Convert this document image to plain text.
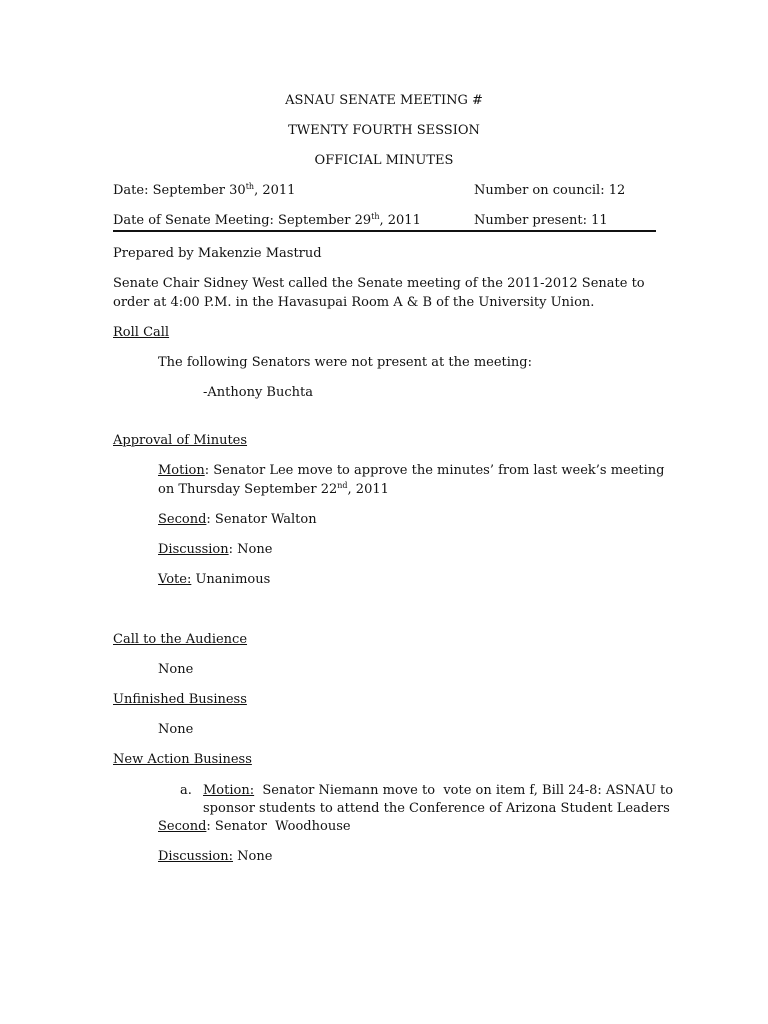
ASNAU SENATE MEETING #
TWENTY FOURTH SESSION
OFFICIAL MINUTES
Date: September 30th, 2011	Number on council: 12
Date of Senate Meeting: September 29th, 2011	Number present: 11
Prepared by Makenzie Mastrud
Senate Chair Sidney West called the Senate meeting of the 2011-2012 Senate to
order at 4:00 P.M. in the Havasupai Room A & B of the University Union.
Roll Call
The following Senators were not present at the meeting:
-Anthony Buchta
Approval of Minutes
Motion: Senator Lee move to approve the minutes’ from last week’s meeting
on Thursday September 22nd, 2011
Second: Senator Walton
Discussion: None
Vote: Unanimous
Call to the Audience
None
Unfinished Business
None
New Action Business
a. Motion:  Senator Niemann move to  vote on item f, Bill 24-8: ASNAU to
sponsor students to attend the Conference of Arizona Student Leaders
Second: Senator  Woodhouse
Discussion: None
